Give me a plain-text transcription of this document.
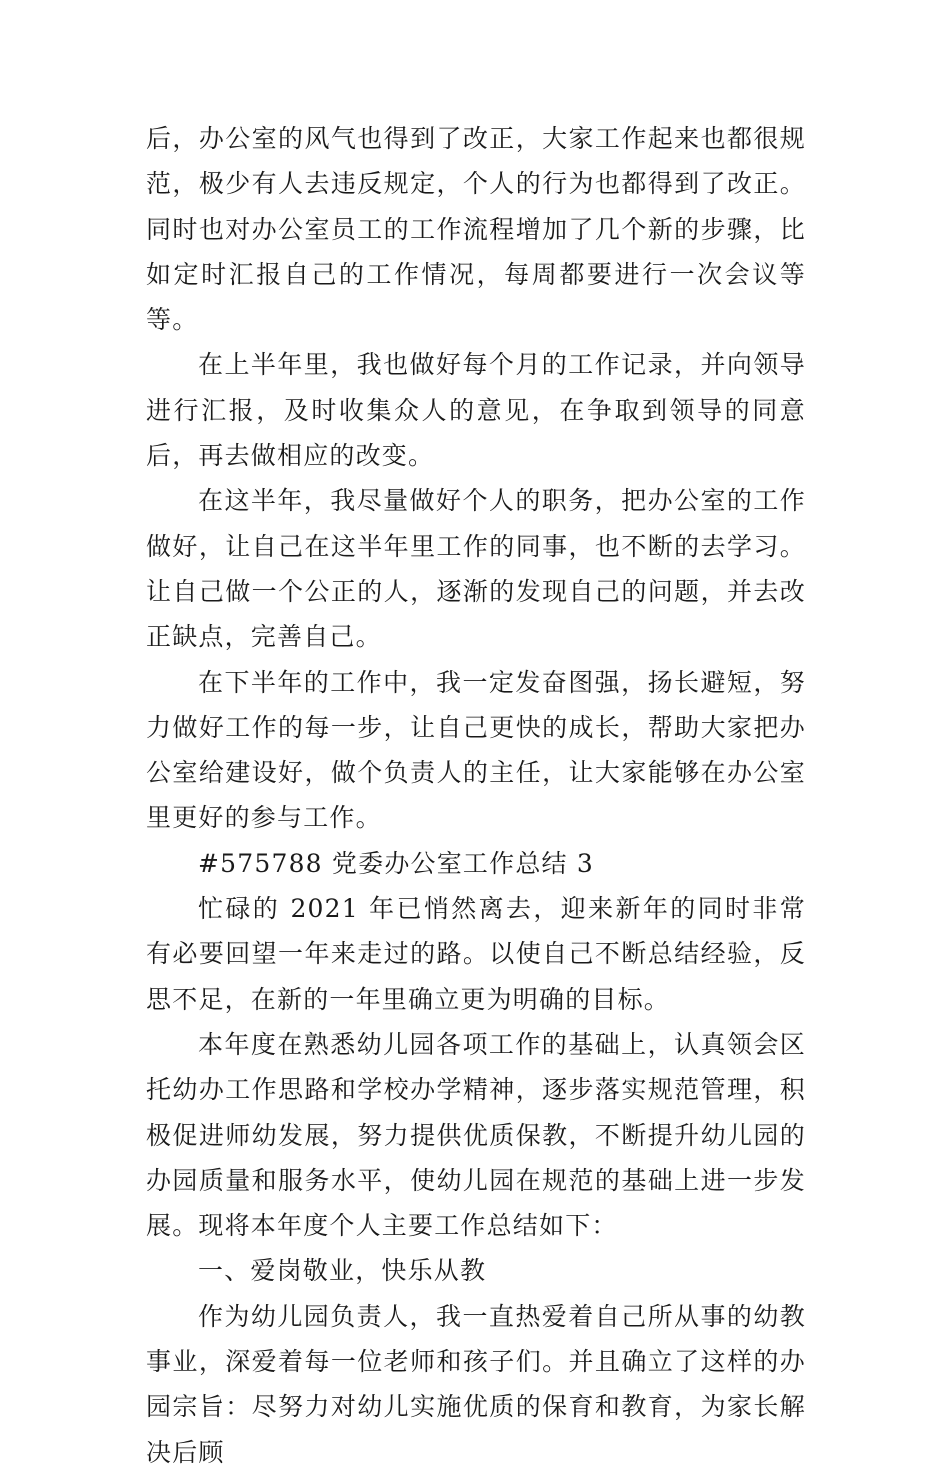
后，办公室的风气也得到了改正，大家工作起来也都很规范，极少有人去违反规定，个人的行为也都得到了改正。同时也对办公室员工的工作流程增加了几个新的步骤，比如定时汇报自己的工作情况，每周都要进行一次会议等等。

在上半年里，我也做好每个月的工作记录，并向领导进行汇报，及时收集众人的意见，在争取到领导的同意后，再去做相应的改变。

在这半年，我尽量做好个人的职务，把办公室的工作做好，让自己在这半年里工作的同事，也不断的去学习。让自己做一个公正的人，逐渐的发现自己的问题，并去改正缺点，完善自己。

在下半年的工作中，我一定发奋图强，扬长避短，努力做好工作的每一步，让自己更快的成长，帮助大家把办公室给建设好，做个负责人的主任，让大家能够在办公室里更好的参与工作。

#575788 党委办公室工作总结 3

忙碌的 2021 年已悄然离去，迎来新年的同时非常有必要回望一年来走过的路。以使自己不断总结经验，反思不足，在新的一年里确立更为明确的目标。

本年度在熟悉幼儿园各项工作的基础上，认真领会区托幼办工作思路和学校办学精神，逐步落实规范管理，积极促进师幼发展，努力提供优质保教，不断提升幼儿园的办园质量和服务水平，使幼儿园在规范的基础上进一步发展。现将本年度个人主要工作总结如下：

一、爱岗敬业，快乐从教

作为幼儿园负责人，我一直热爱着自己所从事的幼教事业，深爱着每一位老师和孩子们。并且确立了这样的办园宗旨：尽努力对幼儿实施优质的保育和教育，为家长解决后顾
